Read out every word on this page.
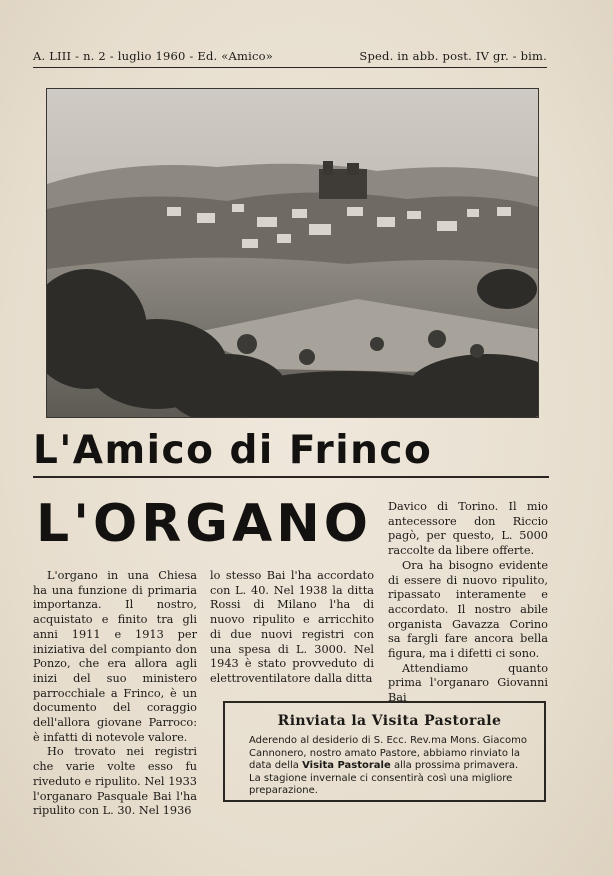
A. LIII - n. 2 - luglio 1960 - Ed. «Amico»	Sped. in abb. post. IV gr. - bim.
L'Amico di Frinco
L'ORGANO

L'organo in una Chiesa ha una funzione di primaria importanza. Il nostro, acquistato e finito tra gli anni 1911 e 1913 per iniziativa del compianto don Ponzo, che era allora agli inizi del suo ministero parrocchiale a Frinco, è un documento del coraggio dell'allora giovane Parroco: è infatti di notevole valore.

Ho trovato nei registri che varie volte esso fu riveduto e ripulito. Nel 1933 l'organaro Pasquale Bai l'ha ripulito con L. 30. Nel 1936

lo stesso Bai l'ha accordato con L. 40. Nel 1938 la ditta Rossi di Milano l'ha di nuovo ripulito e arricchito di due nuovi registri con una spesa di L. 3000. Nel 1943 è stato provveduto di elettroventilatore dalla ditta

Davico di Torino. Il mio antecessore don Riccio pagò, per questo, L. 5000 raccolte da libere offerte.

Ora ha bisogno evidente di essere di nuovo ripulito, ripassato interamente e accordato. Il nostro abile organista Gavazza Corino sa fargli fare ancora bella figura, ma i difetti ci sono.

Attendiamo quanto prima l'organaro Giovanni Bai

Rinviata la Visita Pastorale
Aderendo al desiderio di S. Ecc. Rev.ma Mons. Giacomo Cannonero, nostro amato Pastore, abbiamo rinviato la data della Visita Pastorale alla prossima primavera. La stagione invernale ci consentirà così una migliore preparazione.
